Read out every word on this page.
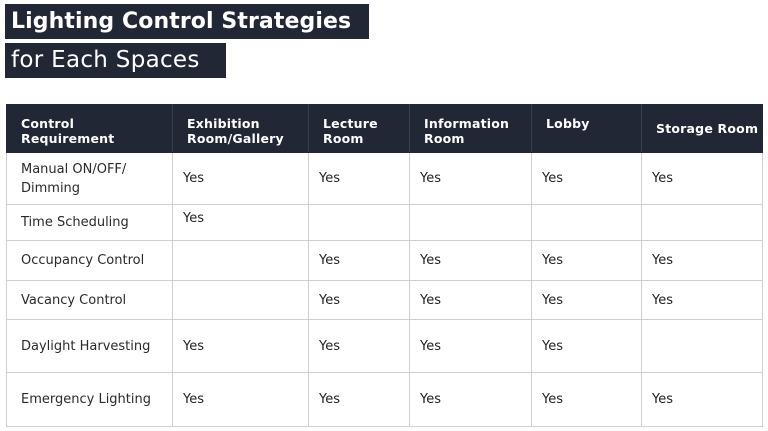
Lighting Control Strategies
for Each Spaces
Control Requirement	Exhibition Room/Gallery	Lecture Room	Information Room	Lobby	Storage Room
Manual ON/OFF/ Dimming	Yes	Yes	Yes	Yes	Yes
Time Scheduling	Yes				
Occupancy Control		Yes	Yes	Yes	Yes
Vacancy Control		Yes	Yes	Yes	Yes
Daylight Harvesting	Yes	Yes	Yes	Yes	
Emergency Lighting	Yes	Yes	Yes	Yes	Yes
